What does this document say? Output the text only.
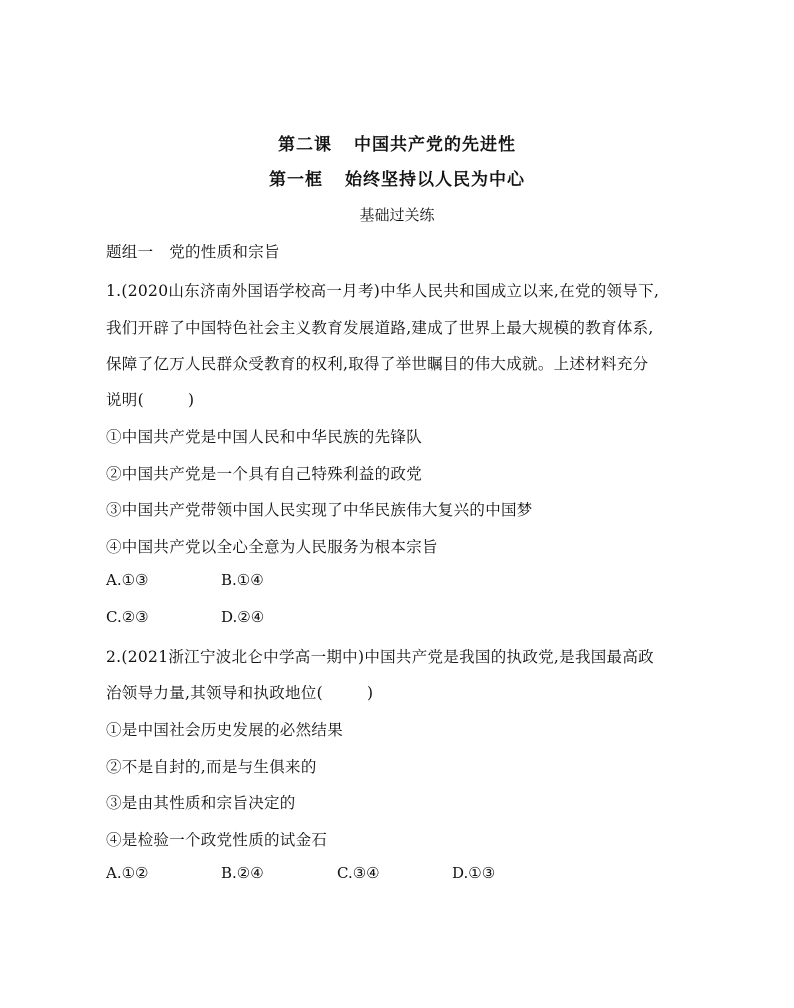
第二课 中国共产党的先进性
第一框 始终坚持以人民为中心
基础过关练
题组一　党的性质和宗旨
1.(2020山东济南外国语学校高一月考)中华人民共和国成立以来,在党的领导下,
我们开辟了中国特色社会主义教育发展道路,建成了世界上最大规模的教育体系,
保障了亿万人民群众受教育的权利,取得了举世瞩目的伟大成就。上述材料充分
说明(	)
①中国共产党是中国人民和中华民族的先锋队
②中国共产党是一个具有自己特殊利益的政党
③中国共产党带领中国人民实现了中华民族伟大复兴的中国梦
④中国共产党以全心全意为人民服务为根本宗旨
A.①③	B.①④
C.②③	D.②④
2.(2021浙江宁波北仑中学高一期中)中国共产党是我国的执政党,是我国最高政
治领导力量,其领导和执政地位(	)
①是中国社会历史发展的必然结果
②不是自封的,而是与生俱来的
③是由其性质和宗旨决定的
④是检验一个政党性质的试金石
A.①②	B.②④	C.③④	D.①③
